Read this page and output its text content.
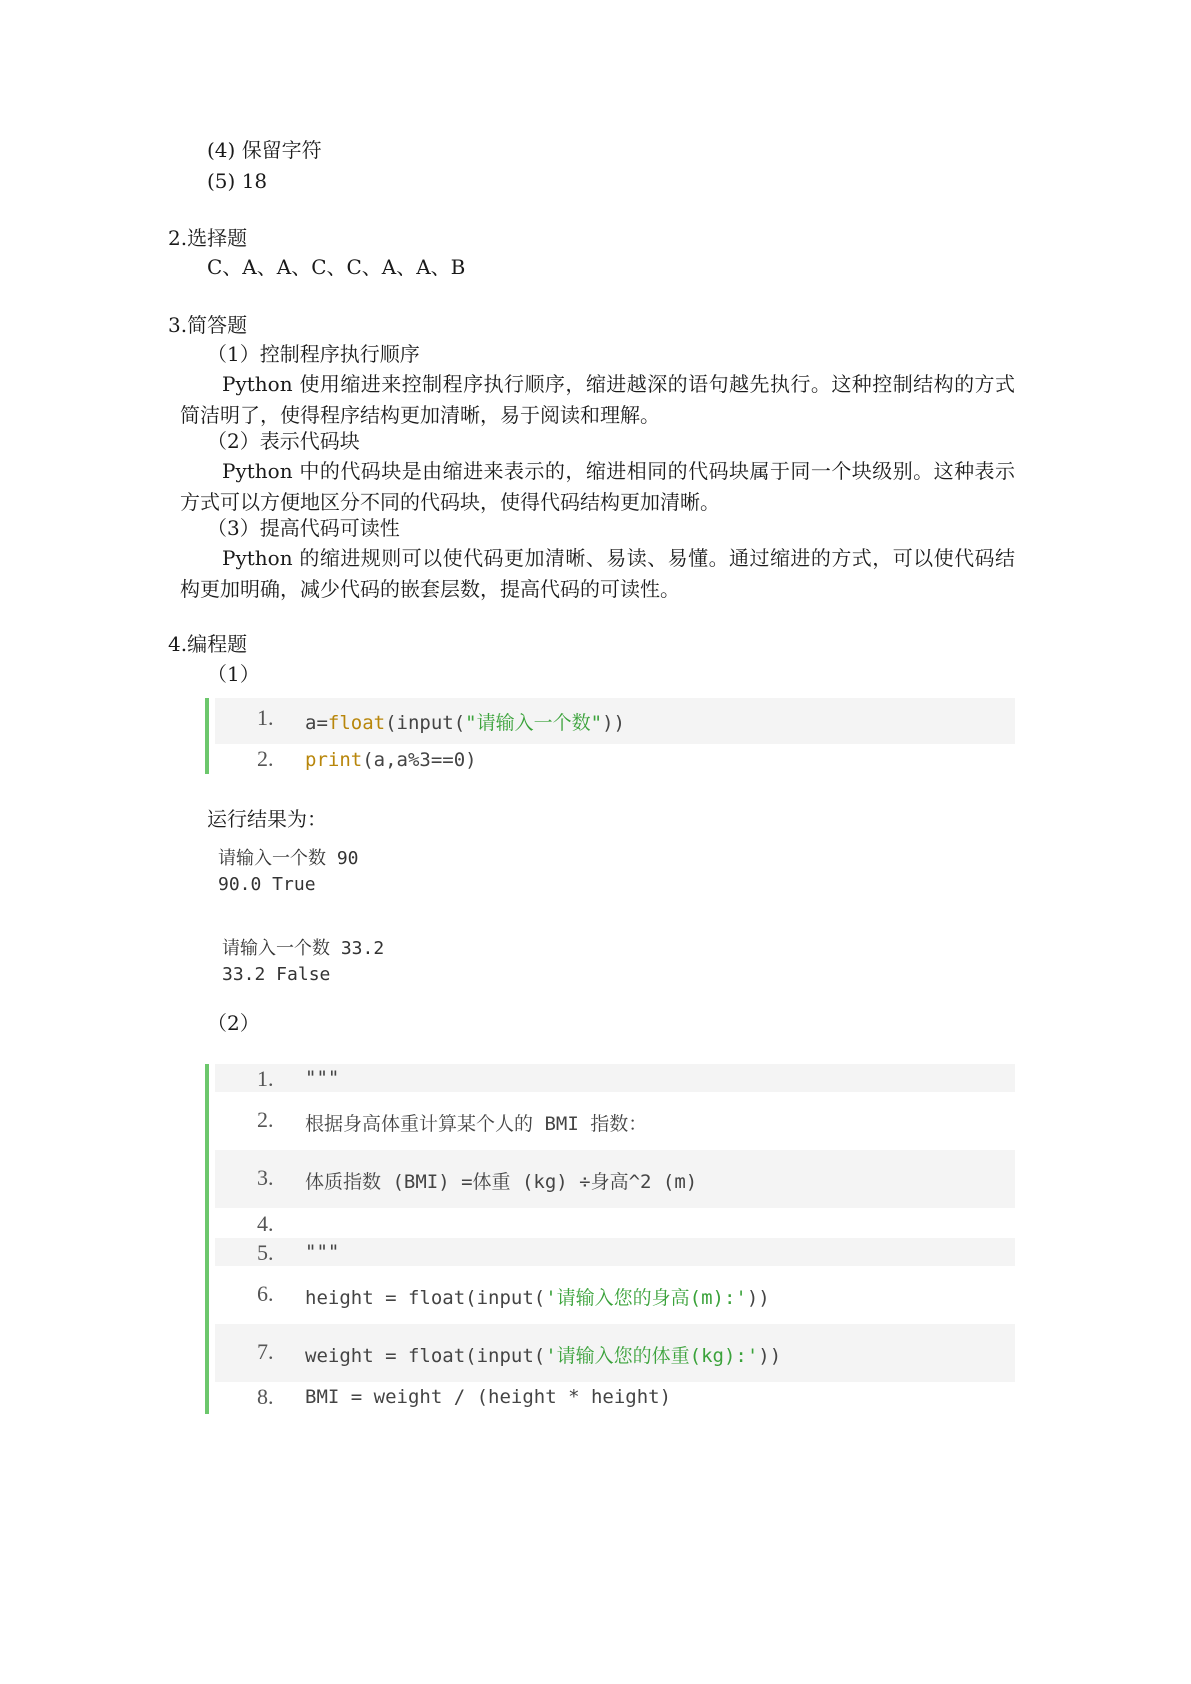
(4) 保留字符
(5) 18
2.选择题
C、A、A、C、C、A、A、B
3.简答题
（1）控制程序执行顺序
Python 使用缩进来控制程序执行顺序，缩进越深的语句越先执行。这种控制结构的方式简洁明了，使得程序结构更加清晰，易于阅读和理解。
（2）表示代码块
Python 中的代码块是由缩进来表示的，缩进相同的代码块属于同一个块级别。这种表示方式可以方便地区分不同的代码块，使得代码结构更加清晰。
（3）提高代码可读性
Python 的缩进规则可以使代码更加清晰、易读、易懂。通过缩进的方式，可以使代码结构更加明确，减少代码的嵌套层数，提高代码的可读性。
4.编程题
（1）
1.	a=float(input("请输入一个数"))
2.	print(a,a%3==0)
运行结果为：
请输入一个数 90
90.0 True
请输入一个数 33.2
33.2 False
（2）
1.	"""
2.	根据身高体重计算某个人的 BMI 指数：
3.	体质指数 (BMI) =体重 (kg) ÷身高^2 (m)
4.
5.	"""
6.	height = float(input('请输入您的身高(m):'))
7.	weight = float(input('请输入您的体重(kg):'))
8.	BMI = weight / (height * height)
